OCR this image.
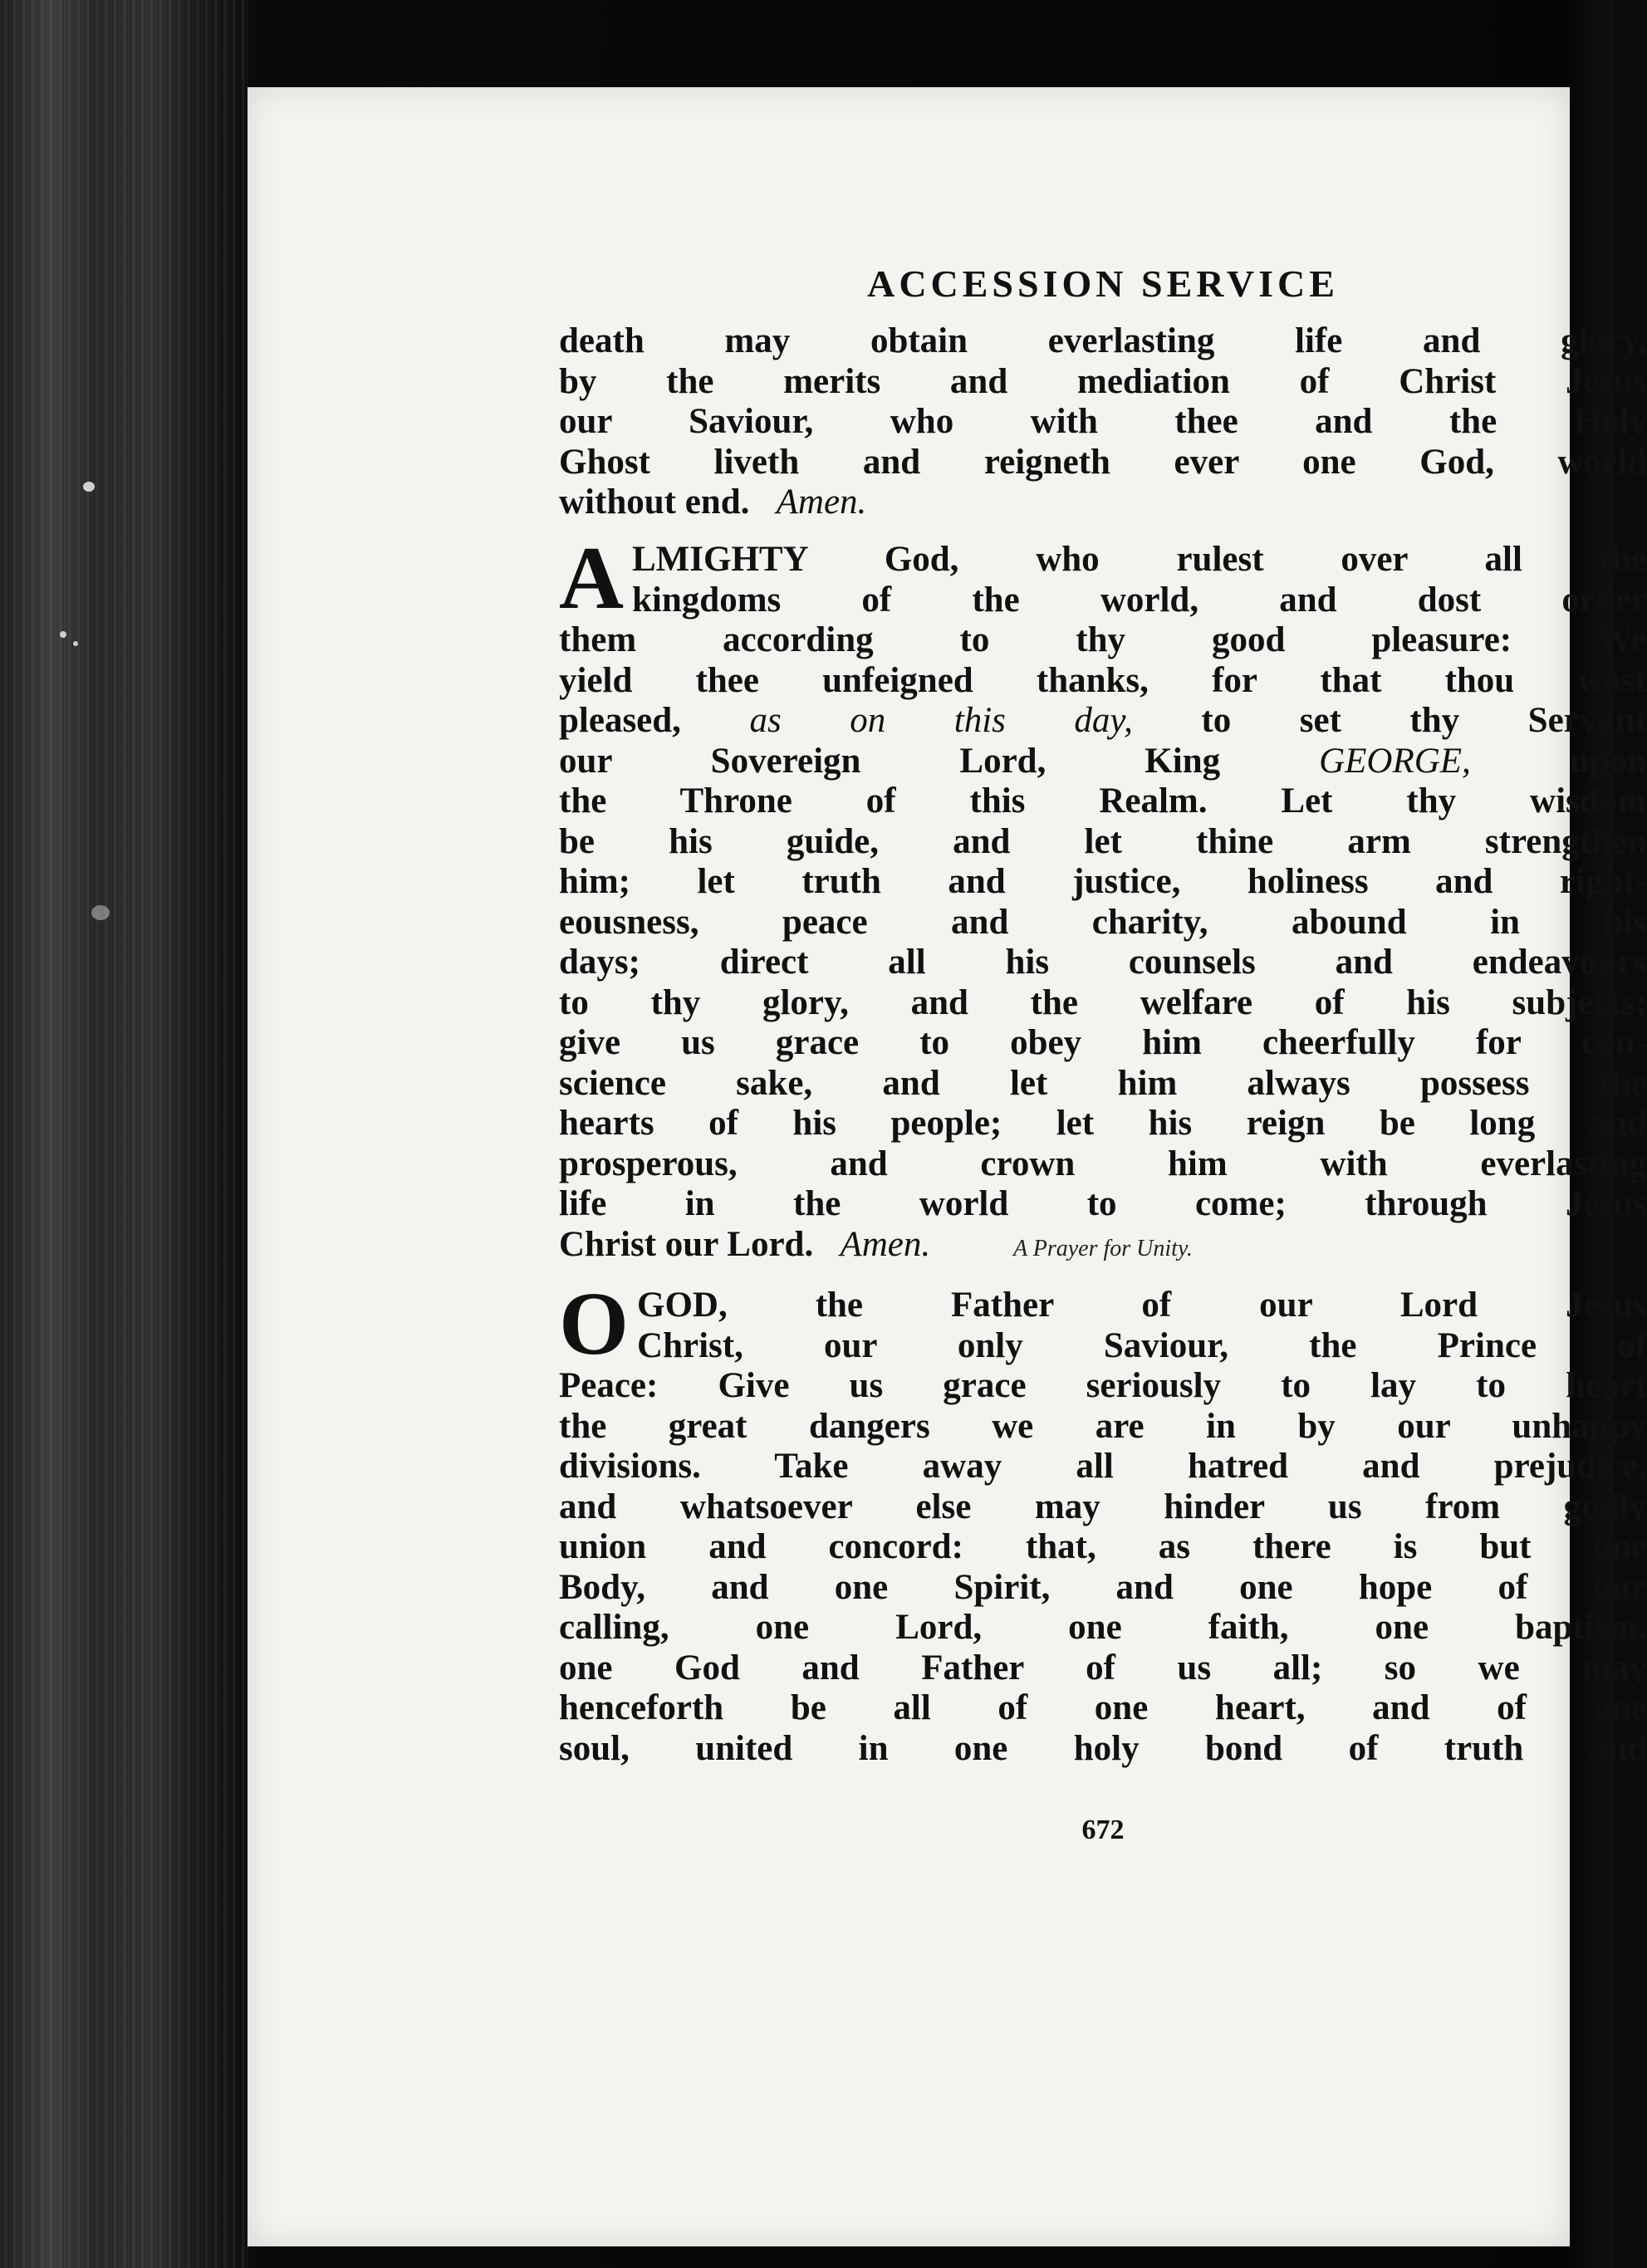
ACCESSION SERVICE
death may obtain everlasting life and glory,
by the merits and mediation of Christ Jesus
our Saviour, who with thee and the Holy
Ghost liveth and reigneth ever one God, world
without end. Amen.
A LMIGHTY God, who rulest over all the
kingdoms of the world, and dost order
them according to thy good pleasure: We
yield thee unfeigned thanks, for that thou wast
pleased, as on this day, to set thy Servant
our Sovereign Lord, King	GEORGE,	upon
the Throne of this Realm. Let thy wisdom
be his guide, and let thine arm strengthen
him; let truth and justice, holiness and right-
eousness, peace and charity, abound in his
days; direct all his counsels and endeavours
to thy glory, and the welfare of his subjects;
give us grace to obey him cheerfully for con-
science sake, and let him always possess the
hearts of his people; let his reign be long and
prosperous, and crown him with everlasting
life in the world to come; through Jesus
Christ our Lord. Amen.	A Prayer for Unity.
O GOD, the Father of our Lord Jesus
Christ, our only Saviour, the Prince of
Peace: Give us grace seriously to lay to heart
the great dangers we are in by our unhappy
divisions. Take away all hatred and prejudice,
and whatsoever else may hinder us from godly
union and concord: that, as there is but one
Body, and one Spirit, and one hope of our
calling, one Lord, one faith, one baptism,
one God and Father of us all; so we may
henceforth be all of one heart, and of one
soul, united in one holy bond of truth and
672
